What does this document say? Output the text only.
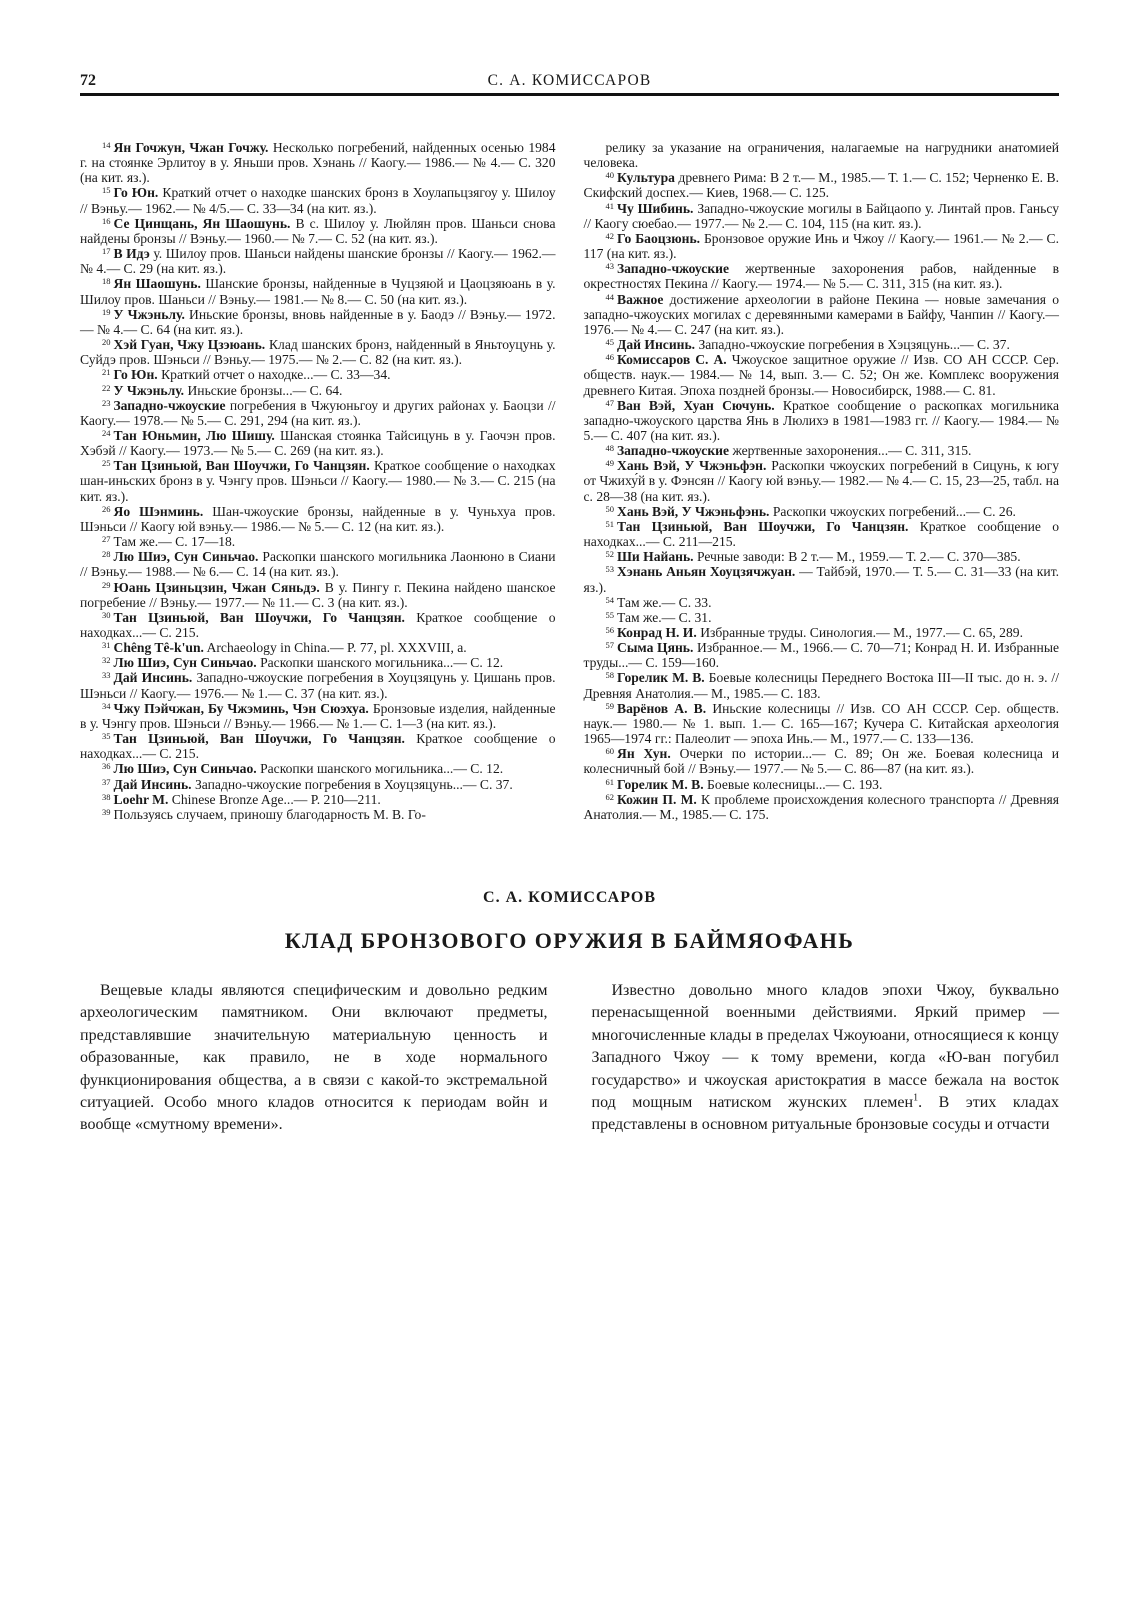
72	С. А. КОМИССАРОВ

$^{14}$ Ян Гочжун, Чжан Гочжу. Несколько погребений, найденных осенью 1984 г. на стоянке Эрлитоу в у. Яньши пров. Хэнань // Каогу.— 1986.— № 4.— С. 320 (на кит. яз.).

$^{15}$ Го Юн. Краткий отчет о находке шанских бронз в Хоулапьцзягоу у. Шилоу // Вэньу.— 1962.— № 4/5.— С. 33—34 (на кит. яз.).

$^{16}$ Се Цинщань, Ян Шаошунь. В с. Шилоу у. Люйлян пров. Шаньси снова найдены бронзы // Вэньу.— 1960.— № 7.— С. 52 (на кит. яз.).

$^{17}$ В Идэ у. Шилоу пров. Шаньси найдены шанские бронзы // Каогу.— 1962.— № 4.— С. 29 (на кит. яз.).

$^{18}$ Ян Шаошунь. Шанские бронзы, найденные в Чуцзяюй и Цаоцзяюань в у. Шилоу пров. Шаньси // Вэньу.— 1981.— № 8.— С. 50 (на кит. яз.).

$^{19}$ У Чжэньлу. Иньские бронзы, вновь найденные в у. Баодэ // Вэньу.— 1972.— № 4.— С. 64 (на кит. яз.).

$^{20}$ Хэй Гуан, Чжу Цзэюань. Клад шанских бронз, найденный в Яньтоуцунь у. Суйдэ пров. Шэньси // Вэньу.— 1975.— № 2.— С. 82 (на кит. яз.).

$^{21}$ Го Юн. Краткий отчет о находке...— С. 33—34.

$^{22}$ У Чжэньлу. Иньские бронзы...— С. 64.

$^{23}$ Западно-чжоуские погребения в Чжуюньгоу и других районах у. Баоцзи // Каогу.— 1978.— № 5.— С. 291, 294 (на кит. яз.).

$^{24}$ Тан Юньмин, Лю Шишу. Шанская стоянка Тайсицунь в у. Гаочэн пров. Хэбэй // Каогу.— 1973.— № 5.— С. 269 (на кит. яз.).

$^{25}$ Тан Цзиньюй, Ван Шоучжи, Го Чанцзян. Краткое сообщение о находках шан-иньских бронз в у. Чэнгу пров. Шэньси // Каогу.— 1980.— № 3.— С. 215 (на кит. яз.).

$^{26}$ Яо Шэнминь. Шан-чжоуские бронзы, найденные в у. Чуньхуа пров. Шэньси // Каогу юй вэньу.— 1986.— № 5.— С. 12 (на кит. яз.).

$^{27}$ Там же.— С. 17—18.

$^{28}$ Лю Шиэ, Сун Синьчао. Раскопки шанского могильника Лаонюно в Сиани // Вэньу.— 1988.— № 6.— С. 14 (на кит. яз.).

$^{29}$ Юань Цзиньцзин, Чжан Сяньдэ. В у. Пингу г. Пекина найдено шанское погребение // Вэньу.— 1977.— № 11.— С. 3 (на кит. яз.).

$^{30}$ Тан Цзиньюй, Ван Шоучжи, Го Чанцзян. Краткое сообщение о находках...— С. 215.

$^{31}$ Chêng Tê-k'un. Archaeology in China.— P. 77, pl. XXXVIII, a.

$^{32}$ Лю Шиэ, Сун Синьчао. Раскопки шанского могильника...— С. 12.

$^{33}$ Дай Инсинь. Западно-чжоуские погребения в Хоуцзяцунь у. Цишань пров. Шэньси // Каогу.— 1976.— № 1.— С. 37 (на кит. яз.).

$^{34}$ Чжу Пэйчжан, Бу Чжэминь, Чэн Сюэхуа. Бронзовые изделия, найденные в у. Чэнгу пров. Шэньси // Вэньу.— 1966.— № 1.— С. 1—3 (на кит. яз.).

$^{35}$ Тан Цзиньюй, Ван Шоучжи, Го Чанцзян. Краткое сообщение о находках...— С. 215.

$^{36}$ Лю Шиэ, Сун Синьчао. Раскопки шанского могильника...— С. 12.

$^{37}$ Дай Инсинь. Западно-чжоуские погребения в Хоуцзяцунь...— С. 37.

$^{38}$ Loehr M. Chinese Bronze Age...— P. 210—211.

$^{39}$ Пользуясь случаем, приношу благодарность М. В. Го-

релику за указание на ограничения, налагаемые на нагрудники анатомией человека.

$^{40}$ Культура древнего Рима: В 2 т.— М., 1985.— Т. 1.— С. 152; Черненко Е. В. Скифский доспех.— Киев, 1968.— С. 125.

$^{41}$ Чу Шибинь. Западно-чжоуские могилы в Байцаопо у. Линтай пров. Ганьсу // Каогу сюебао.— 1977.— № 2.— С. 104, 115 (на кит. яз.).

$^{42}$ Го Баоцзюнь. Бронзовое оружие Инь и Чжоу // Каогу.— 1961.— № 2.— С. 117 (на кит. яз.).

$^{43}$ Западно-чжоуские жертвенные захоронения рабов, найденные в окрестностях Пекина // Каогу.— 1974.— № 5.— С. 311, 315 (на кит. яз.).

$^{44}$ Важное достижение археологии в районе Пекина — новые замечания о западно-чжоуских могилах с деревянными камерами в Байфу, Чанпин // Каогу.— 1976.— № 4.— С. 247 (на кит. яз.).

$^{45}$ Дай Инсинь. Западно-чжоуские погребения в Хэцзяцунь...— С. 37.

$^{46}$ Комиссаров С. А. Чжоуское защитное оружие // Изв. СО АН СССР. Сер. обществ. наук.— 1984.— № 14, вып. 3.— С. 52; Он же. Комплекс вооружения древнего Китая. Эпоха поздней бронзы.— Новосибирск, 1988.— С. 81.

$^{47}$ Ван Вэй, Хуан Сючунь. Краткое сообщение о раскопках могильника западно-чжоуского царства Янь в Люлихэ в 1981—1983 гг. // Каогу.— 1984.— № 5.— С. 407 (на кит. яз.).

$^{48}$ Западно-чжоуские жертвенные захоронения...— С. 311, 315.

$^{49}$ Хань Вэй, У Чжэньфэн. Раскопки чжоуских погребений в Сицунь, к югу от Чжиху́й в у. Фэнсян // Каогу юй вэньу.— 1982.— № 4.— С. 15, 23—25, табл. на с. 28—38 (на кит. яз.).

$^{50}$ Хань Вэй, У Чжэньфэнь. Раскопки чжоуских погребений...— С. 26.

$^{51}$ Тан Цзиньюй, Ван Шоучжи, Го Чанцзян. Краткое сообщение о находках...— С. 211—215.

$^{52}$ Ши Найань. Речные заводи: В 2 т.— М., 1959.— Т. 2.— С. 370—385.

$^{53}$ Хэнань Аньян Хоуцзячжуан. — Тайбэй, 1970.— Т. 5.— С. 31—33 (на кит. яз.).

$^{54}$ Там же.— С. 33.

$^{55}$ Там же.— С. 31.

$^{56}$ Конрад Н. И. Избранные труды. Синология.— М., 1977.— С. 65, 289.

$^{57}$ Сыма Цянь. Избранное.— М., 1966.— С. 70—71; Конрад Н. И. Избранные труды...— С. 159—160.

$^{58}$ Горелик М. В. Боевые колесницы Переднего Востока III—II тыс. до н. э. // Древняя Анатолия.— М., 1985.— С. 183.

$^{59}$ Варёнов А. В. Иньские колесницы // Изв. СО АН СССР. Сер. обществ. наук.— 1980.— № 1. вып. 1.— С. 165—167; Кучера С. Китайская археология 1965—1974 гг.: Палеолит — эпоха Инь.— М., 1977.— С. 133—136.

$^{60}$ Ян Хун. Очерки по истории...— С. 89; Он же. Боевая колесница и колесничный бой // Вэньу.— 1977.— № 5.— С. 86—87 (на кит. яз.).

$^{61}$ Горелик М. В. Боевые колесницы...— С. 193.

$^{62}$ Кожин П. М. К проблеме происхождения колесного транспорта // Древняя Анатолия.— М., 1985.— С. 175.

С. А. КОМИССАРОВ
КЛАД БРОНЗОВОГО ОРУЖИЯ В БАЙМЯОФАНЬ

Вещевые клады являются специфическим и довольно редким археологическим памятником. Они включают предметы, представлявшие значительную материальную ценность и образованные, как правило, не в ходе нормального функционирования общества, а в связи с какой-то экстремальной ситуацией. Особо много кладов относится к периодам войн и вообще «смутному времени».

Известно довольно много кладов эпохи Чжоу, буквально перенасыщенной военными действиями. Яркий пример — многочисленные клады в пределах Чжоуюани, относящиеся к концу Западного Чжоу — к тому времени, когда «Ю-ван погубил государство» и чжоуская аристократия в массе бежала на восток под мощным натиском жунских племен$^1$. В этих кладах представлены в основном ритуальные бронзовые сосуды и отчасти
